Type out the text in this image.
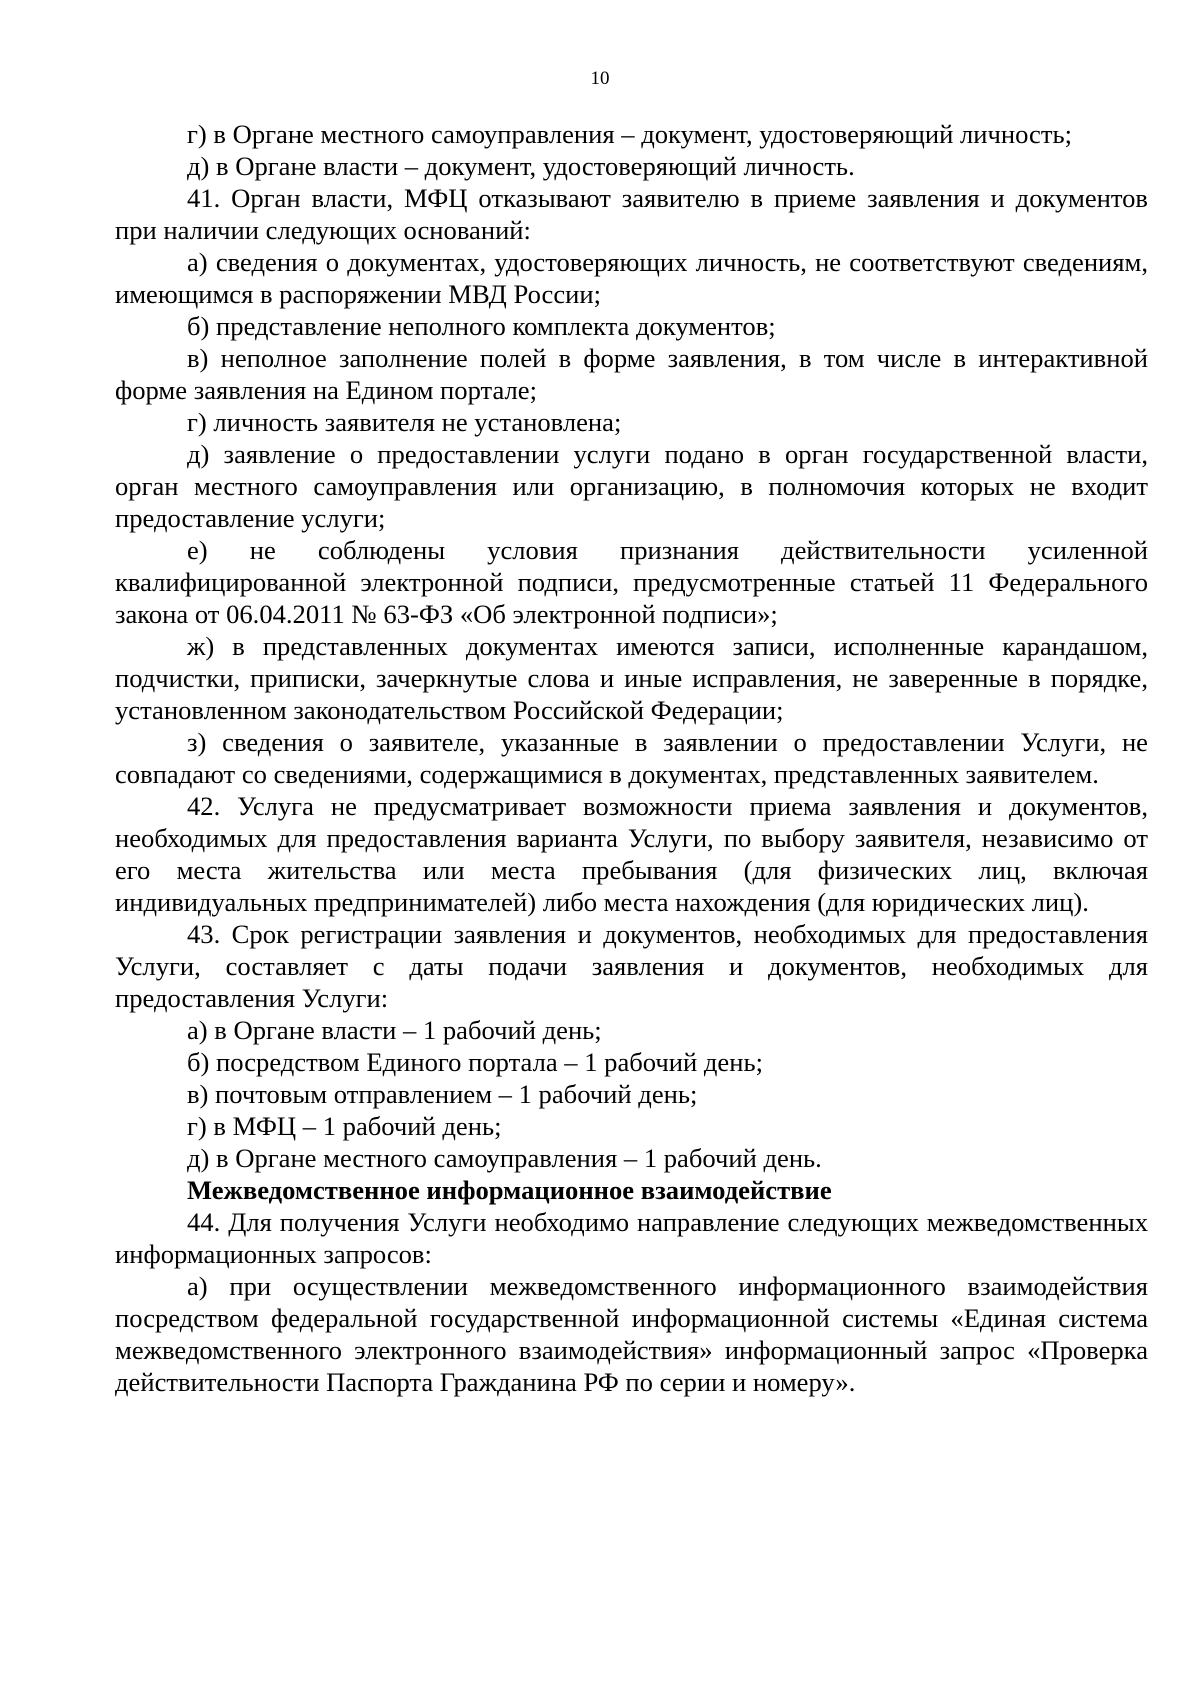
10

г) в Органе местного самоуправления – документ, удостоверяющий личность;

д) в Органе власти – документ, удостоверяющий личность.

41. Орган власти, МФЦ отказывают заявителю в приеме заявления и документов при наличии следующих оснований:

а) сведения о документах, удостоверяющих личность, не соответствуют сведениям, имеющимся в распоряжении МВД России;

б) представление неполного комплекта документов;

в) неполное заполнение полей в форме заявления, в том числе в интерактивной форме заявления на Едином портале;

г) личность заявителя не установлена;

д) заявление о предоставлении услуги подано в орган государственной власти, орган местного самоуправления или организацию, в полномочия которых не входит предоставление услуги;

е) не соблюдены условия признания действительности усиленной квалифицированной электронной подписи, предусмотренные статьей 11 Федерального закона от 06.04.2011 № 63-ФЗ «Об электронной подписи»;

ж) в представленных документах имеются записи, исполненные карандашом, подчистки, приписки, зачеркнутые слова и иные исправления, не заверенные в порядке, установленном законодательством Российской Федерации;

з) сведения о заявителе, указанные в заявлении о предоставлении Услуги, не совпадают со сведениями, содержащимися в документах, представленных заявителем.

42. Услуга не предусматривает возможности приема заявления и документов, необходимых для предоставления варианта Услуги, по выбору заявителя, независимо от его места жительства или места пребывания (для физических лиц, включая индивидуальных предпринимателей) либо места нахождения (для юридических лиц).

43. Срок регистрации заявления и документов, необходимых для предоставления Услуги, составляет с даты подачи заявления и документов, необходимых для предоставления Услуги:

а) в Органе власти – 1 рабочий день;

б) посредством Единого портала – 1 рабочий день;

в) почтовым отправлением – 1 рабочий день;

г) в МФЦ – 1 рабочий день;

д) в Органе местного самоуправления – 1 рабочий день.

Межведомственное информационное взаимодействие

44. Для получения Услуги необходимо направление следующих межведомственных информационных запросов:

а) при осуществлении межведомственного информационного взаимодействия посредством федеральной государственной информационной системы «Единая система межведомственного электронного взаимодействия» информационный запрос «Проверка действительности Паспорта Гражданина РФ по серии и номеру».
